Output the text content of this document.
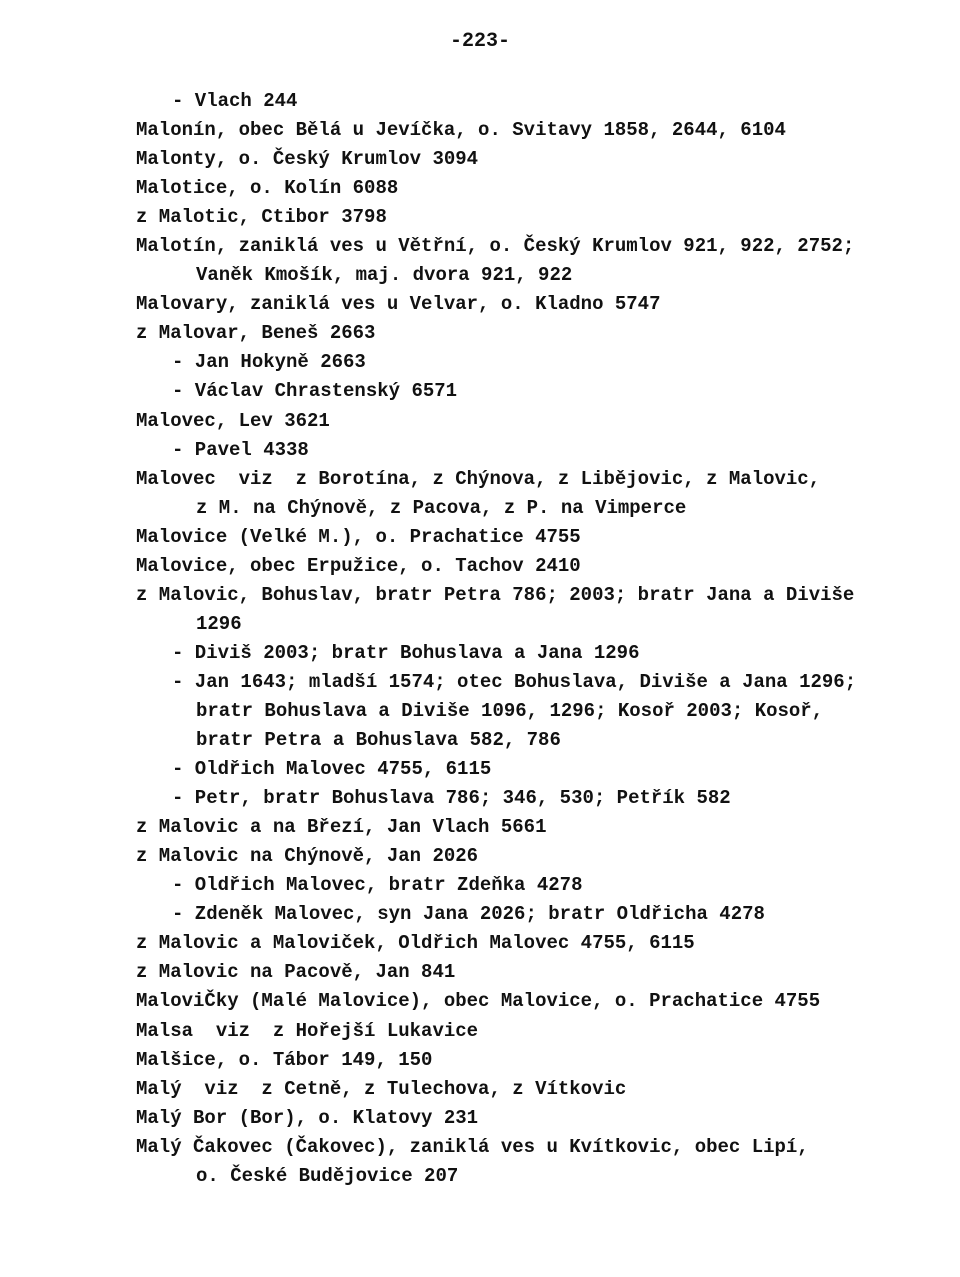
-223-
- Vlach 244
Malonín, obec Bělá u Jevíčka, o. Svitavy 1858, 2644, 6104
Malonty, o. Český Krumlov 3094
Malotice, o. Kolín 6088
z Malotic, Ctibor 3798
Malotín, zaniklá ves u Větřní, o. Český Krumlov 921, 922, 2752;
Vaněk Kmošík, maj. dvora 921, 922
Malovary, zaniklá ves u Velvar, o. Kladno 5747
z Malovar, Beneš 2663
- Jan Hokyně 2663
- Václav Chrastenský 6571
Malovec, Lev 3621
- Pavel 4338
Malovec  viz  z Borotína, z Chýnova, z Liběјovic, z Malovic,
z M. na Chýnově, z Pacova, z P. na Vimperce
Malovice (Velké M.), o. Prachatice 4755
Malovice, obec Erpužice, o. Tachov 2410
z Malovic, Bohuslav, bratr Petra 786; 2003; bratr Jana a Diviše
1296
- Diviš 2003; bratr Bohuslava a Jana 1296
- Jan 1643; mladší 1574; otec Bohuslava, Diviše a Jana 1296;
bratr Bohuslava a Diviše 1096, 1296; Kosoř 2003; Kosoř,
bratr Petra a Bohuslava 582, 786
- Oldřich Malovec 4755, 6115
- Petr, bratr Bohuslava 786; 346, 530; Petřík 582
z Malovic a na Březí, Jan Vlach 5661
z Malovic na Chýnově, Jan 2026
- Oldřich Malovec, bratr Zdeňka 4278
- Zdeněk Malovec, syn Jana 2026; bratr Oldřicha 4278
z Malovic a Maloviček, Oldřich Malovec 4755, 6115
z Malovic na Pacově, Jan 841
MaloviČky (Malé Malovice), obec Malovice, o. Prachatice 4755
Malsa  viz  z Hořejší Lukavice
Malšice, o. Tábor 149, 150
Malý  viz  z Cetně, z Tulechova, z Vítkovic
Malý Bor (Bor), o. Klatovy 231
Malý Čakovec (Čakovec), zaniklá ves u Kvítkovic, obec Lipí,
o. České Budějovice 207
